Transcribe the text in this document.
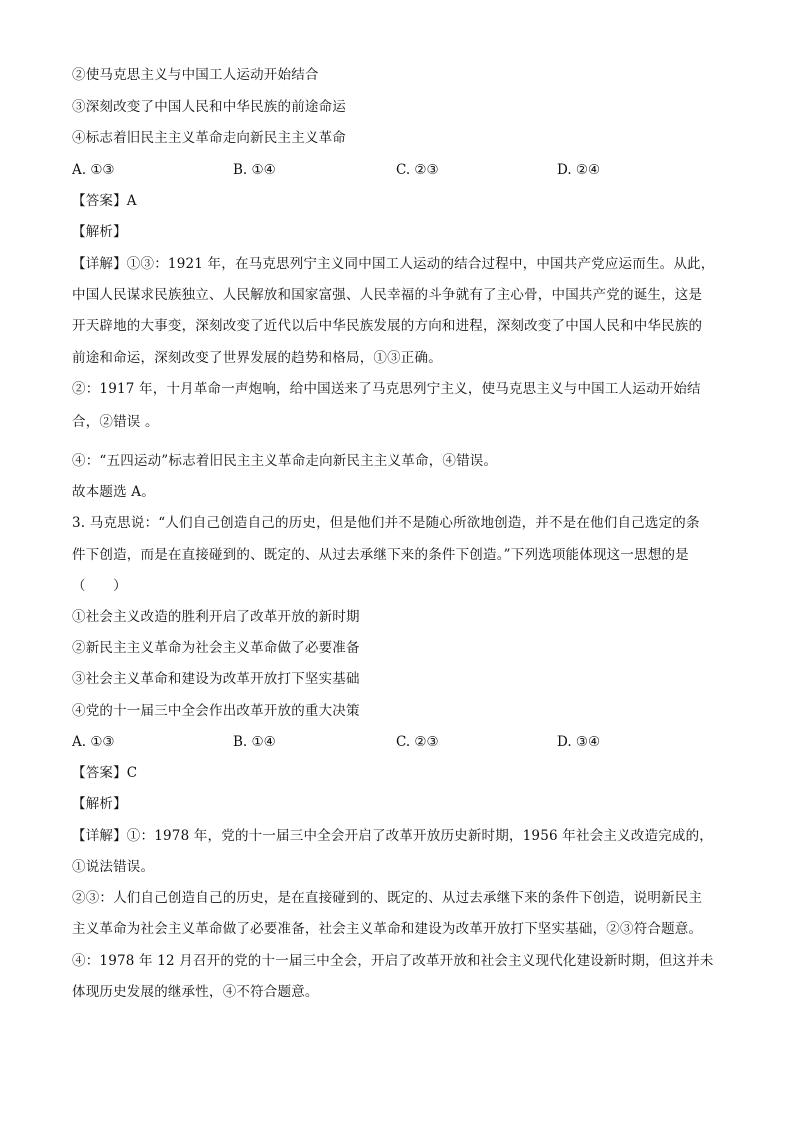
②使马克思主义与中国工人运动开始结合
③深刻改变了中国人民和中华民族的前途命运
④标志着旧民主主义革命走向新民主主义革命
A. ①③	B. ①④	C. ②③	D. ②④
【答案】A
【解析】
【详解】①③：1921 年，在马克思列宁主义同中国工人运动的结合过程中，中国共产党应运而生。从此，
中国人民谋求民族独立、人民解放和国家富强、人民幸福的斗争就有了主心骨，中国共产党的诞生，这是
开天辟地的大事变，深刻改变了近代以后中华民族发展的方向和进程，深刻改变了中国人民和中华民族的
前途和命运，深刻改变了世界发展的趋势和格局，①③正确。
②：1917 年，十月革命一声炮响，给中国送来了马克思列宁主义，使马克思主义与中国工人运动开始结
合，②错误 。
④：“五四运动”标志着旧民主主义革命走向新民主主义革命，④错误。
故本题选 A。
3. 马克思说：“人们自己创造自己的历史，但是他们并不是随心所欲地创造，并不是在他们自己选定的条
件下创造，而是在直接碰到的、既定的、从过去承继下来的条件下创造。”下列选项能体现这一思想的是
（　　）
①社会主义改造的胜利开启了改革开放的新时期
②新民主主义革命为社会主义革命做了必要准备
③社会主义革命和建设为改革开放打下坚实基础
④党的十一届三中全会作出改革开放的重大决策
A. ①③	B. ①④	C. ②③	D. ③④
【答案】C
【解析】
【详解】①：1978 年，党的十一届三中全会开启了改革开放历史新时期，1956 年社会主义改造完成的，
①说法错误。
②③：人们自己创造自己的历史，是在直接碰到的、既定的、从过去承继下来的条件下创造，说明新民主
主义革命为社会主义革命做了必要准备，社会主义革命和建设为改革开放打下坚实基础，②③符合题意。
④：1978 年 12 月召开的党的十一届三中全会，开启了改革开放和社会主义现代化建设新时期，但这并未
体现历史发展的继承性，④不符合题意。
